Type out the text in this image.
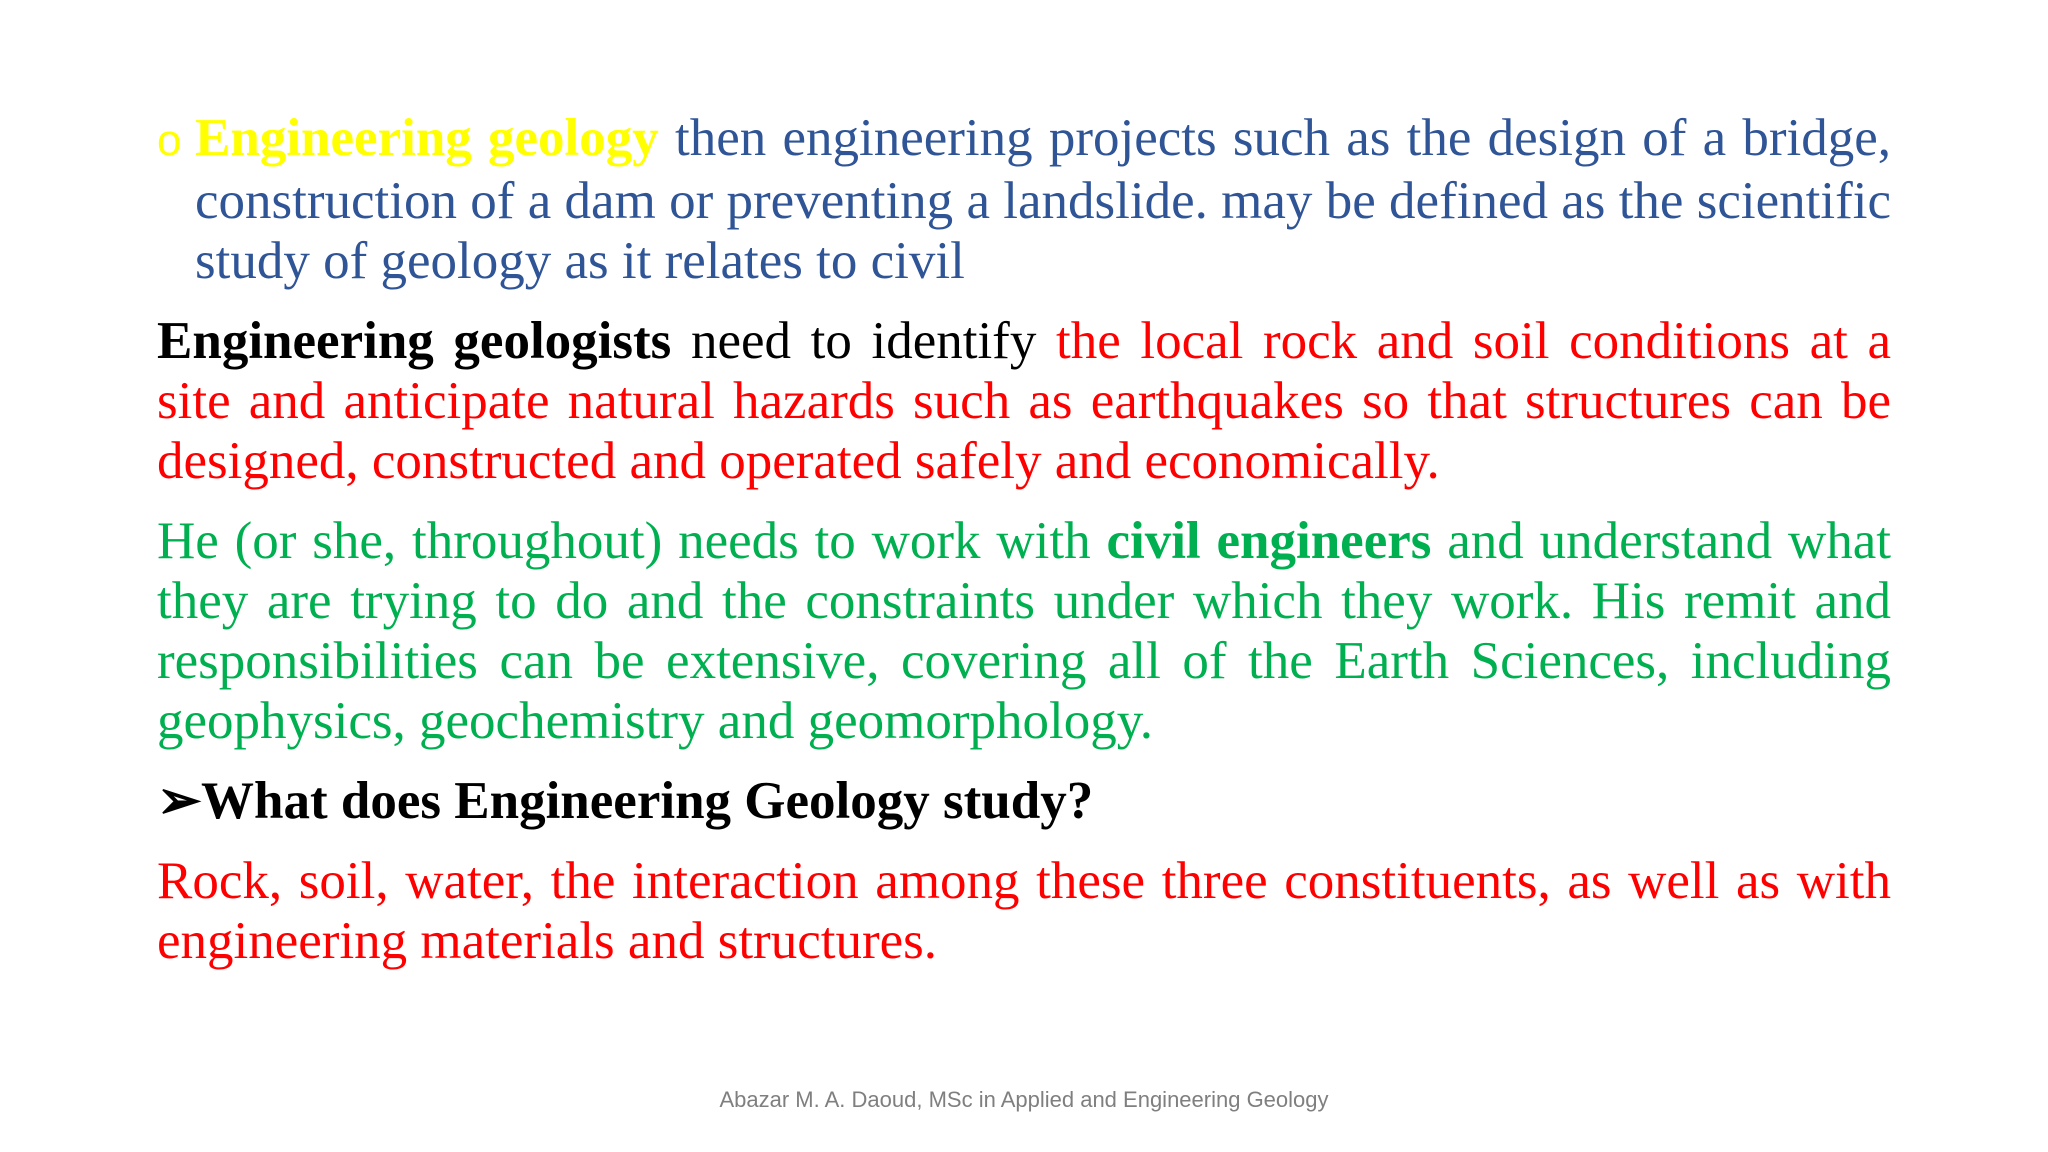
o Engineering geology then engineering projects such as the design of a bridge, construction of a dam or preventing a landslide. may be defined as the scientific study of geology as it relates to civil

Engineering geologists need to identify the local rock and soil conditions at a site and anticipate natural hazards such as earthquakes so that structures can be designed, constructed and operated safely and economically.

He (or she, throughout) needs to work with civil engineers and understand what they are trying to do and the constraints under which they work. His remit and responsibilities can be extensive, covering all of the Earth Sciences, including geophysics, geochemistry and geomorphology.

➢What does Engineering Geology study?

Rock, soil, water, the interaction among these three constituents, as well as with engineering materials and structures.

Abazar M. A. Daoud, MSc in Applied and Engineering Geology
